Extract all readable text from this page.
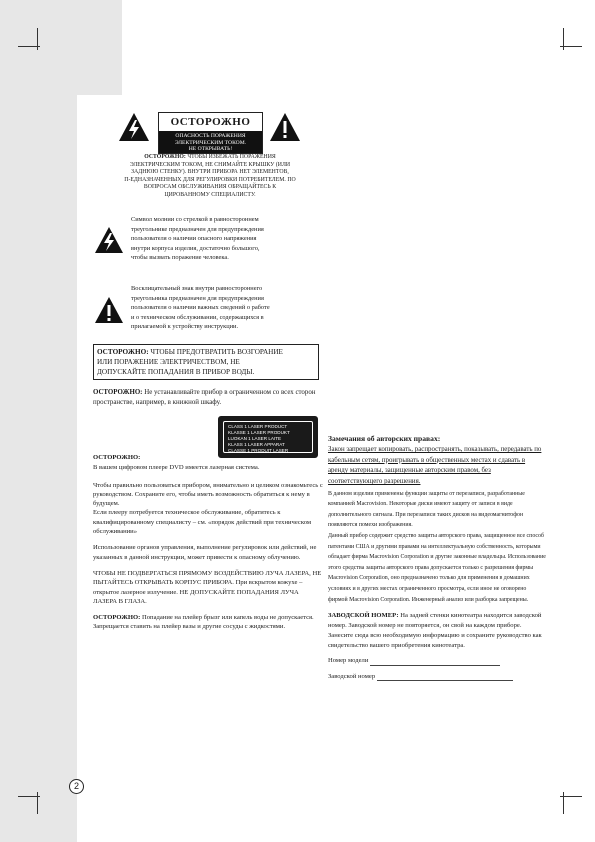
2
ОСТОРОЖНО
ОПАСНОСТЬ ПОРАЖЕНИЯ
ЭЛЕКТРИЧЕСКИМ ТОКОМ.
НЕ ОТКРЫВАТЬ!
ОСТОРОЖНО: ЧТОБЫ ИЗБЕЖАТЬ ПОРАЖЕНИЯ
ЭЛЕКТРИЧЕСКИМ ТОКОМ, НЕ СНИМАЙТЕ КРЫШКУ (ИЛИ
ЗАДНЮЮ СТЕНКУ). ВНУТРИ ПРИБОРА НЕТ ЭЛЕМЕНТОВ,
П-ЕДНАЗНАЧЕННЫХ ДЛЯ РЕГУЛИРОВКИ ПОТРЕБИТЕЛЕМ. ПО
ВОПРОСАМ ОБСЛУЖИВАНИЯ ОБРАЩАЙТЕСЬ К
ЦИРОВАННОМУ СПЕЦИАЛИСТУ.
Символ молнии со стрелкой в равностороннем
треугольнике предназначен для предупреждения
пользователя о наличии опасного напряжения
внутри корпуса изделия, достаточно большого,
чтобы вызвать поражение человека.
Восклицательный знак внутри равностороннего
треугольника предназначен для предупреждения
пользователя о наличии важных сведений о работе
и о техническом обслуживании, содержащихся в
прилагаемой к устройству инструкции.
ОСТОРОЖНО: ЧТОБЫ ПРЕДОТВРАТИТЬ ВОЗГОРАНИЕ
ИЛИ ПОРАЖЕНИЕ ЭЛЕКТРИЧЕСТВОМ, НЕ
ДОПУСКАЙТЕ ПОПАДАНИЯ В ПРИБОР ВОДЫ.
ОСТОРОЖНО: Не устанавливайте прибор в ограниченном со всех сторон пространстве, например, в книжной шкафу.
CLASS 1 LASER PRODUCT
KLASSE 1 LASER PRODUKT
LUOKAN 1 LASER LAITE
KLASS 1 LASER APPARAT
CLASSE 1 PRODUIT LASER

ОСТОРОЖНО:

В вашем цифровом плеере DVD имеется лазерная система.

Чтобы правильно пользоваться прибором, внимательно и целиком ознакомьтесь с руководством. Сохраните его, чтобы иметь возможность обратиться к нему в будущем.

Если плееру потребуется техническое обслуживание, обратитесь к квалифицированному специалисту – см. «порядок действий при техническом обслуживании»

Использование органов управления, выполнение регулировок или действий, не указанных в данной инструкции, может привести к опасному облучению.

ЧТОБЫ НЕ ПОДВЕРГАТЬСЯ ПРЯМОМУ ВОЗДЕЙСТВИЮ ЛУЧА ЛАЗЕРА, НЕ ПЫТАЙТЕСЬ ОТКРЫВАТЬ КОРПУС ПРИБОРА. При вскрытом кожухе – открытое лазерное излучение. НЕ ДОПУСКАЙТЕ ПОПАДАНИЯ ЛУЧА ЛАЗЕРА В ГЛАЗА.

ОСТОРОЖНО: Попадание на плейер брызг или капель воды не допускается. Запрещается ставить на плейер вазы и другие сосуды с жидкостями.

Замечания об авторских правах:

Закон запрещает копировать, распространять, показывать, передавать по кабельным сетям, проигрывать в общественных местах и сдавать в аренду материалы, защищенные авторским правом, без соответствующего разрешения.

В данном изделии применены функции защиты от перезаписи, разработанные компанией Macrovision. Некоторые диски имеют защиту от записи в виде дополнительного сигнала. При перезаписи таких дисков на видеомагнитофон появляются помехи изображения.

Данный прибор содержит средство защиты авторского права, защищенное все способ патентами США и другими правами на интеллектуальную собственность, которыми обладает фирма Macrovision Corporation и другие законные владельцы. Использование этого средства защиты авторского права допускается только с разрешения фирмы Macrovision Corporation, оно предназначено только для применения в домашних условиях и в других местах ограниченного просмотра, если иное не оговорено фирмой Macrovision Corporation. Инженерный анализ или разборка запрещены.

ЗАВОДСКОЙ НОМЕР: На задней стенки кинотеатра находится заводской номер. Заводской номер не повторяется, он свой на каждом приборе. Занесите сюда всю необходимую информацию и сохраните руководство как свидетельство вашего приобретения кинотеатра.

Номер модели

Заводской номер
